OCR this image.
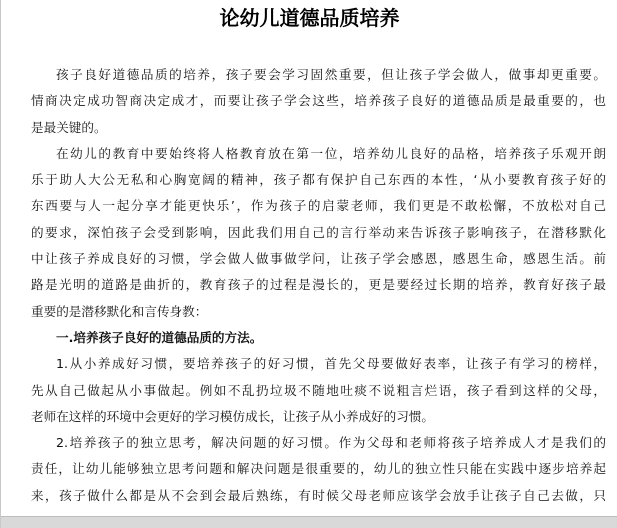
论幼儿道德品质培养
孩子良好道德品质的培养，孩子要会学习固然重要，但让孩子学会做人，做事却更重要。
情商决定成功智商决定成才，而要让孩子学会这些，培养孩子良好的道德品质是最重要的，也
是最关键的。
在幼儿的教育中要始终将人格教育放在第一位，培养幼儿良好的品格，培养孩子乐观开朗
乐于助人大公无私和心胸宽阔的精神，孩子都有保护自己东西的本性，‘从小要教育孩子好的
东西要与人一起分享才能更快乐’，作为孩子的启蒙老师，我们更是不敢松懈，不放松对自己
的要求，深怕孩子会受到影响，因此我们用自己的言行举动来告诉孩子影响孩子，在潜移默化
中让孩子养成良好的习惯，学会做人做事做学问，让孩子学会感恩，感恩生命，感恩生活。前
路是光明的道路是曲折的，教育孩子的过程是漫长的，更是要经过长期的培养，教育好孩子最
重要的是潜移默化和言传身教：
一.培养孩子良好的道德品质的方法。
1.从小养成好习惯，要培养孩子的好习惯，首先父母要做好表率，让孩子有学习的榜样，
先从自己做起从小事做起。例如不乱扔垃圾不随地吐痰不说粗言烂语，孩子看到这样的父母，
老师在这样的环境中会更好的学习模仿成长，让孩子从小养成好的习惯。
2.培养孩子的独立思考，解决问题的好习惯。作为父母和老师将孩子培养成人才是我们的
责任，让幼儿能够独立思考问题和解决问题是很重要的，幼儿的独立性只能在实践中逐步培养起
来，孩子做什么都是从不会到会最后熟练，有时候父母老师应该学会放手让孩子自己去做，只
